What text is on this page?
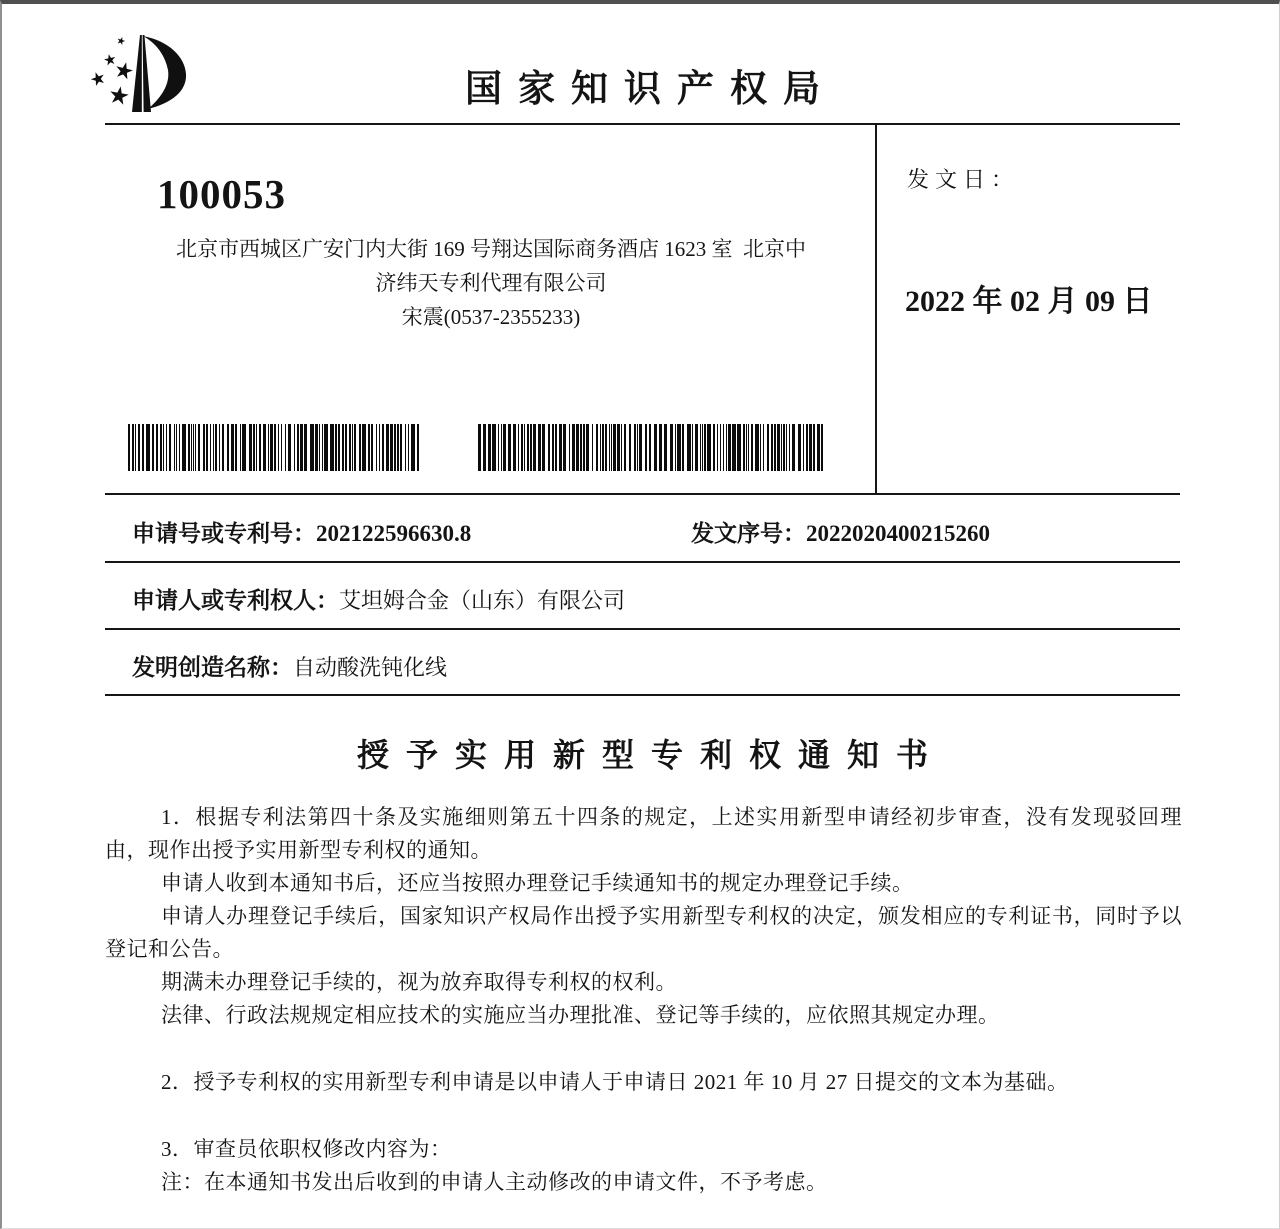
国家知识产权局
100053
北京市西城区广安门内大街 169 号翔达国际商务酒店 1623 室  北京中
济纬天专利代理有限公司
宋震(0537-2355233)
发文日：
2022 年 02 月 09 日
申请号或专利号：202122596630.8	发文序号：2022020400215260
申请人或专利权人：艾坦姆合金（山东）有限公司
发明创造名称：自动酸洗钝化线
授予实用新型专利权通知书

1．根据专利法第四十条及实施细则第五十四条的规定，上述实用新型申请经初步审查，没有发现驳回理由，现作出授予实用新型专利权的通知。

申请人收到本通知书后，还应当按照办理登记手续通知书的规定办理登记手续。

申请人办理登记手续后，国家知识产权局作出授予实用新型专利权的决定，颁发相应的专利证书，同时予以登记和公告。

期满未办理登记手续的，视为放弃取得专利权的权利。

法律、行政法规规定相应技术的实施应当办理批准、登记等手续的，应依照其规定办理。

2．授予专利权的实用新型专利申请是以申请人于申请日 2021 年 10 月 27 日提交的文本为基础。

3．审查员依职权修改内容为：

注：在本通知书发出后收到的申请人主动修改的申请文件，不予考虑。
